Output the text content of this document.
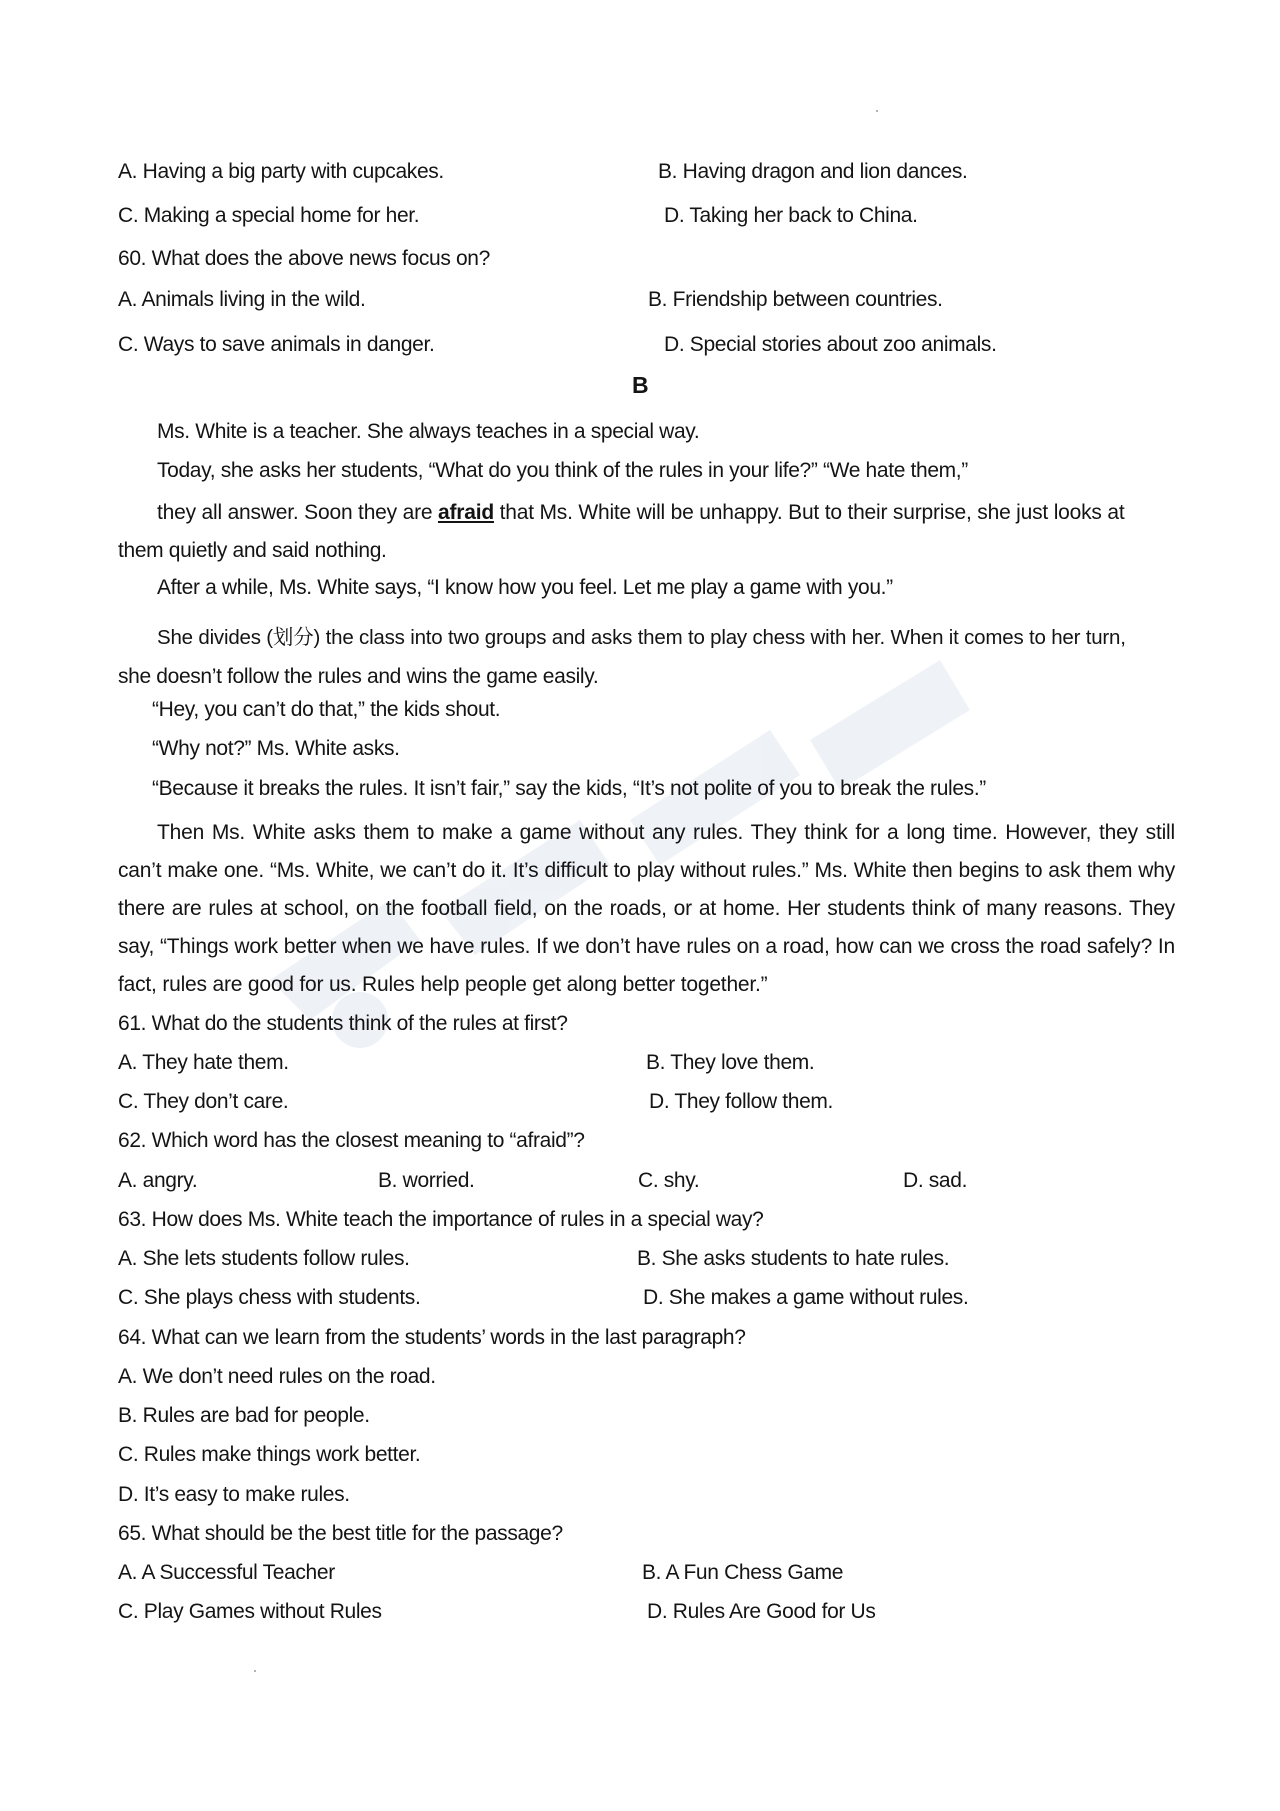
A. Having a big party with cupcakes.	B. Having dragon and lion dances.
C. Making a special home for her.	D. Taking her back to China.
60. What does the above news focus on?
A. Animals living in the wild.	B. Friendship between countries.
C. Ways to save animals in danger.	D. Special stories about zoo animals.
B
Ms. White is a teacher. She always teaches in a special way.
Today, she asks her students, “What do you think of the rules in your life?” “We hate them,”
they all answer. Soon they are afraid that Ms. White will be unhappy. But to their surprise, she just looks at
them quietly and said nothing.
After a while, Ms. White says, “I know how you feel. Let me play a game with you.”
She divides (划分) the class into two groups and asks them to play chess with her. When it comes to her turn,
she doesn’t follow the rules and wins the game easily.
“Hey, you can’t do that,” the kids shout.
“Why not?” Ms. White asks.
“Because it breaks the rules. It isn’t fair,” say the kids, “It’s not polite of you to break the rules.”
Then Ms. White asks them to make a game without any rules. They think for a long time. However, they still can’t make one. “Ms. White, we can’t do it. It’s difficult to play without rules.” Ms. White then begins to ask them why there are rules at school, on the football field, on the roads, or at home. Her students think of many reasons. They say, “Things work better when we have rules. If we don’t have rules on a road, how can we cross the road safely? In fact, rules are good for us. Rules help people get along better together.”
61. What do the students think of the rules at first?
A. They hate them.	B. They love them.
C. They don’t care.	D. They follow them.
62. Which word has the closest meaning to “afraid”?
A. angry.	B. worried.	C. shy.	D. sad.
63. How does Ms. White teach the importance of rules in a special way?
A. She lets students follow rules.	B. She asks students to hate rules.
C. She plays chess with students.	D. She makes a game without rules.
64. What can we learn from the students’ words in the last paragraph?
A. We don’t need rules on the road.
B. Rules are bad for people.
C. Rules make things work better.
D. It’s easy to make rules.
65. What should be the best title for the passage?
A. A Successful Teacher	B. A Fun Chess Game
C. Play Games without Rules	D. Rules Are Good for Us
